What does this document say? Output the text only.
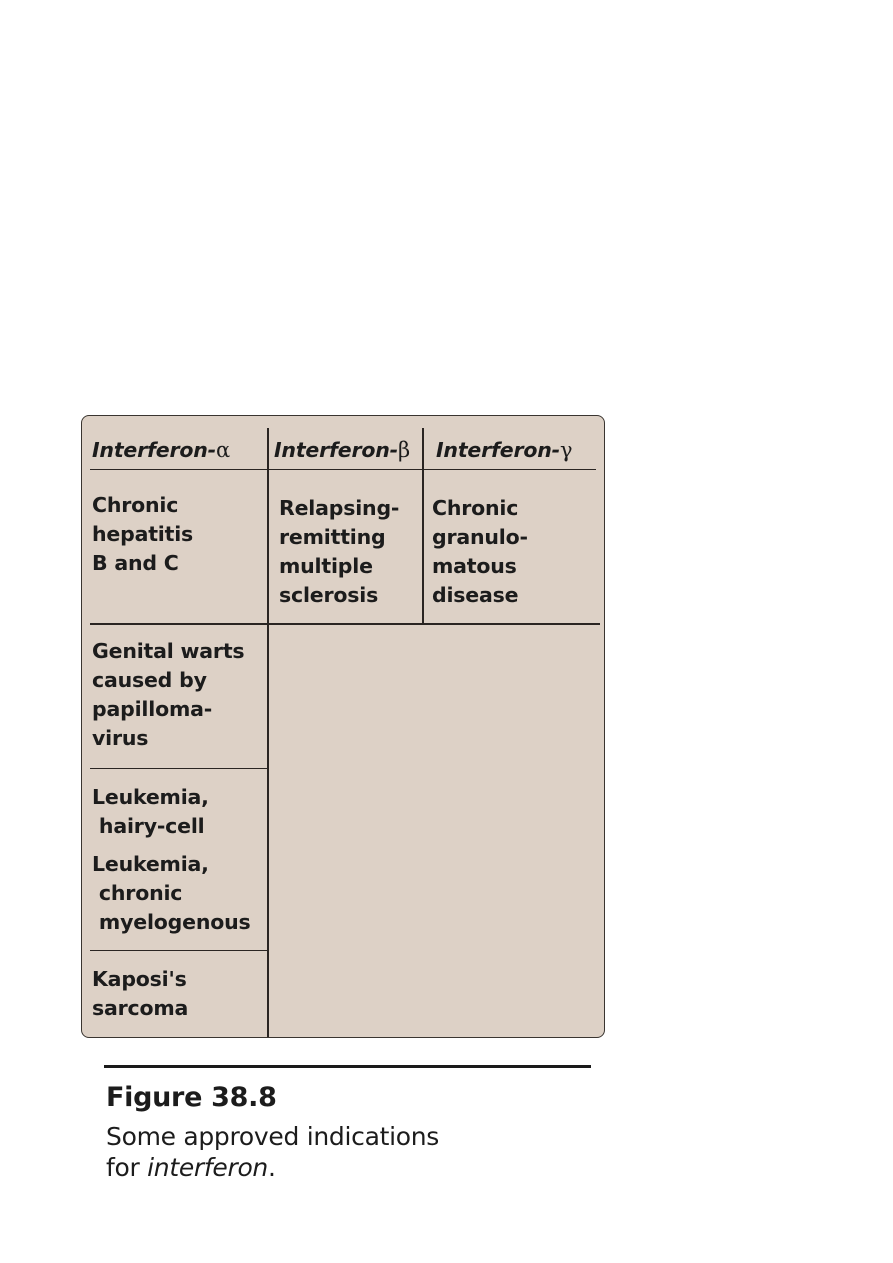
Interferon-α Interferon-β Interferon-γ
Chronic
hepatitis
B and C
Genital warts
caused by
papilloma-
virus
Leukemia,
hairy-cell
Leukemia,
chronic
myelogenous
Kaposi's
sarcoma
Relapsing-
remitting
multiple
sclerosis
Chronic
granulo-
matous
disease
Figure 38.8
Some approved indications
for interferon.
